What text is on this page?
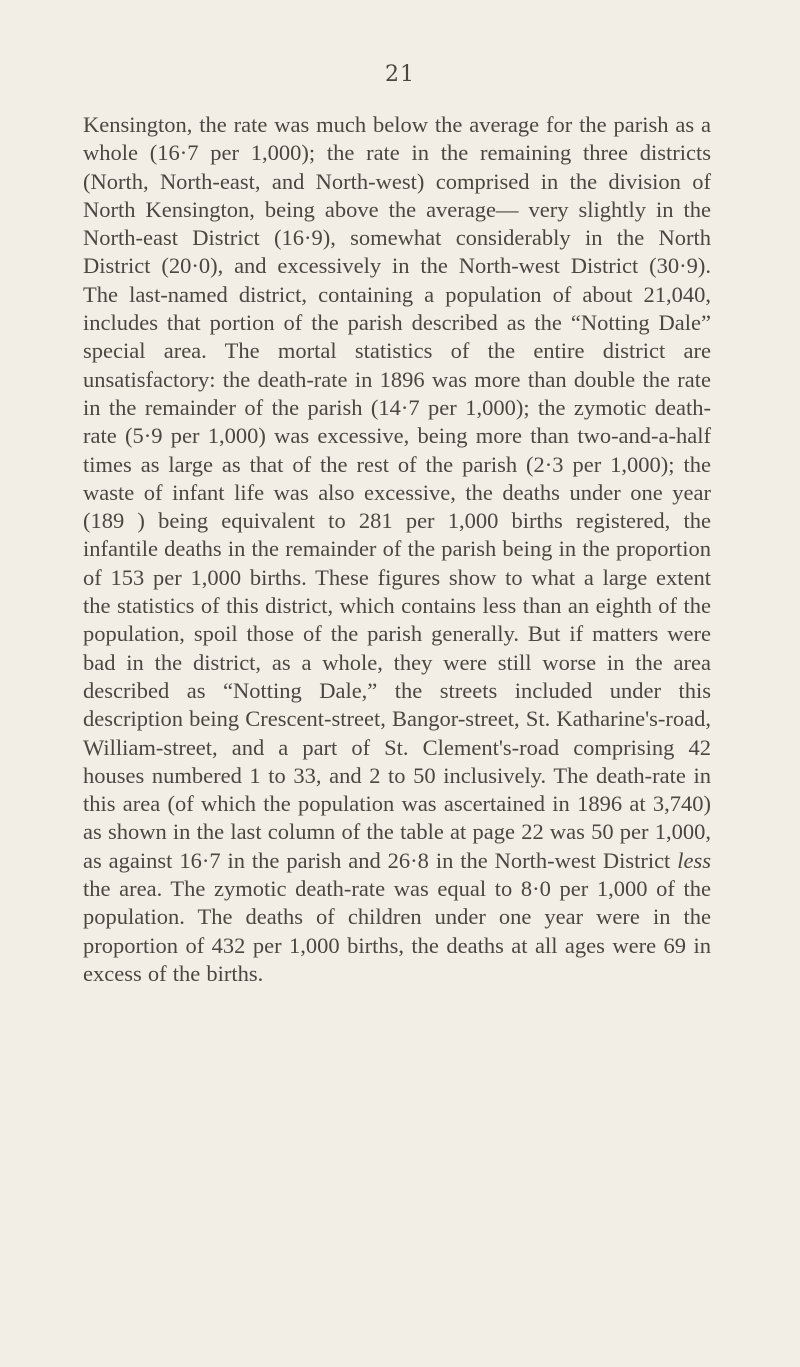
21

Kensington, the rate was much below the average for the parish as a whole (16·7 per 1,000); the rate in the remaining three districts (North, North-east, and North-west) comprised in the division of North Kensington, being above the average— very slightly in the North-east District (16·9), somewhat considerably in the North District (20·0), and excessively in the North-west District (30·9). The last-named district, containing a population of about 21,040, includes that portion of the parish described as the “Notting Dale” special area. The mortal statistics of the entire district are unsatisfactory: the death-rate in 1896 was more than double the rate in the remainder of the parish (14·7 per 1,000); the zymotic death-rate (5·9 per 1,000) was excessive, being more than two-and-a-half times as large as that of the rest of the parish (2·3 per 1,000); the waste of infant life was also excessive, the deaths under one year (189 ) being equivalent to 281 per 1,000 births registered, the infantile deaths in the remainder of the parish being in the proportion of 153 per 1,000 births. These figures show to what a large extent the statistics of this district, which contains less than an eighth of the population, spoil those of the parish generally. But if matters were bad in the district, as a whole, they were still worse in the area described as “Notting Dale,” the streets included under this description being Crescent-street, Bangor-street, St. Katharine's-road, William-street, and a part of St. Clement's-road comprising 42 houses numbered 1 to 33, and 2 to 50 inclusively. The death-rate in this area (of which the population was ascertained in 1896 at 3,740) as shown in the last column of the table at page 22 was 50 per 1,000, as against 16·7 in the parish and 26·8 in the North-west District less the area. The zymotic death-rate was equal to 8·0 per 1,000 of the population. The deaths of children under one year were in the proportion of 432 per 1,000 births, the deaths at all ages were 69 in excess of the births.
